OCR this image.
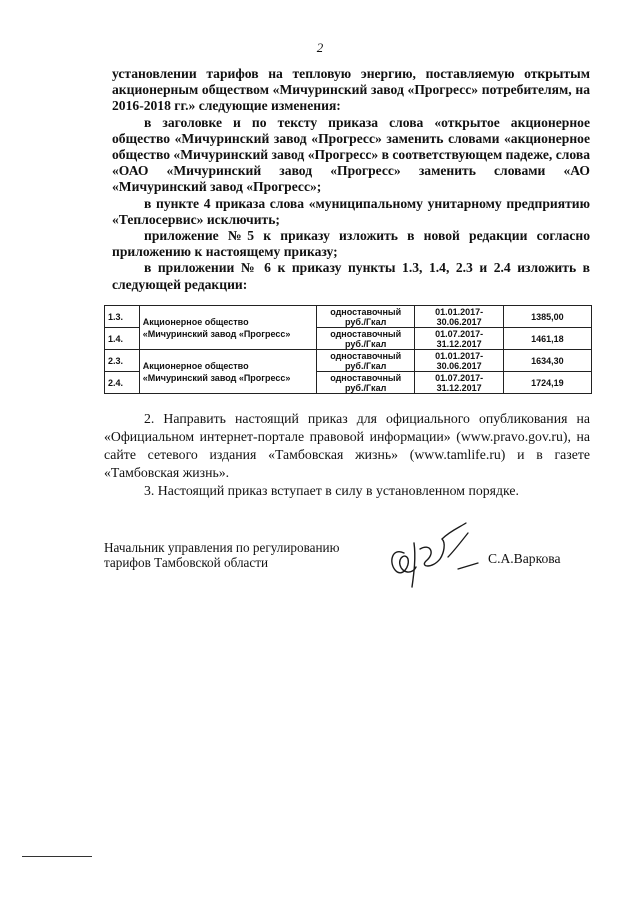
2

установлении тарифов на тепловую энергию, поставляемую открытым акционерным обществом «Мичуринский завод «Прогресс» потребителям, на 2016-2018 гг.» следующие изменения:

в заголовке и по тексту приказа слова «открытое акционерное общество «Мичуринский завод «Прогресс» заменить словами «акционерное общество «Мичуринский завод «Прогресс» в соответствующем падеже, слова «ОАО «Мичуринский завод «Прогресс» заменить словами «АО «Мичуринский завод «Прогресс»;

в пункте 4 приказа слова «муниципальному унитарному предприятию «Теплосервис» исключить;

приложение №5 к приказу изложить в новой редакции согласно приложению к настоящему приказу;

в приложении № 6 к приказу пункты 1.3, 1.4, 2.3 и 2.4 изложить в следующей редакции:

1.3.	Акционерное общество
«Мичуринский завод «Прогресс»	одноставочный руб./Гкал	01.01.2017-30.06.2017	1385,00
1.4.		одноставочный руб./Гкал	01.07.2017-31.12.2017	1461,18
2.3.	Акционерное общество
«Мичуринский завод «Прогресс»	одноставочный руб./Гкал	01.01.2017-30.06.2017	1634,30
2.4.		одноставочный руб./Гкал	01.07.2017-31.12.2017	1724,19

2. Направить настоящий приказ для официального опубликования на «Официальном интернет-портале правовой информации» (www.pravo.gov.ru), на сайте сетевого издания «Тамбовская жизнь» (www.tamlife.ru) и в газете «Тамбовская жизнь».

3. Настоящий приказ вступает в силу в установленном порядке.

Начальник управления по регулированию
тарифов Тамбовской области	С.А.Варкова
